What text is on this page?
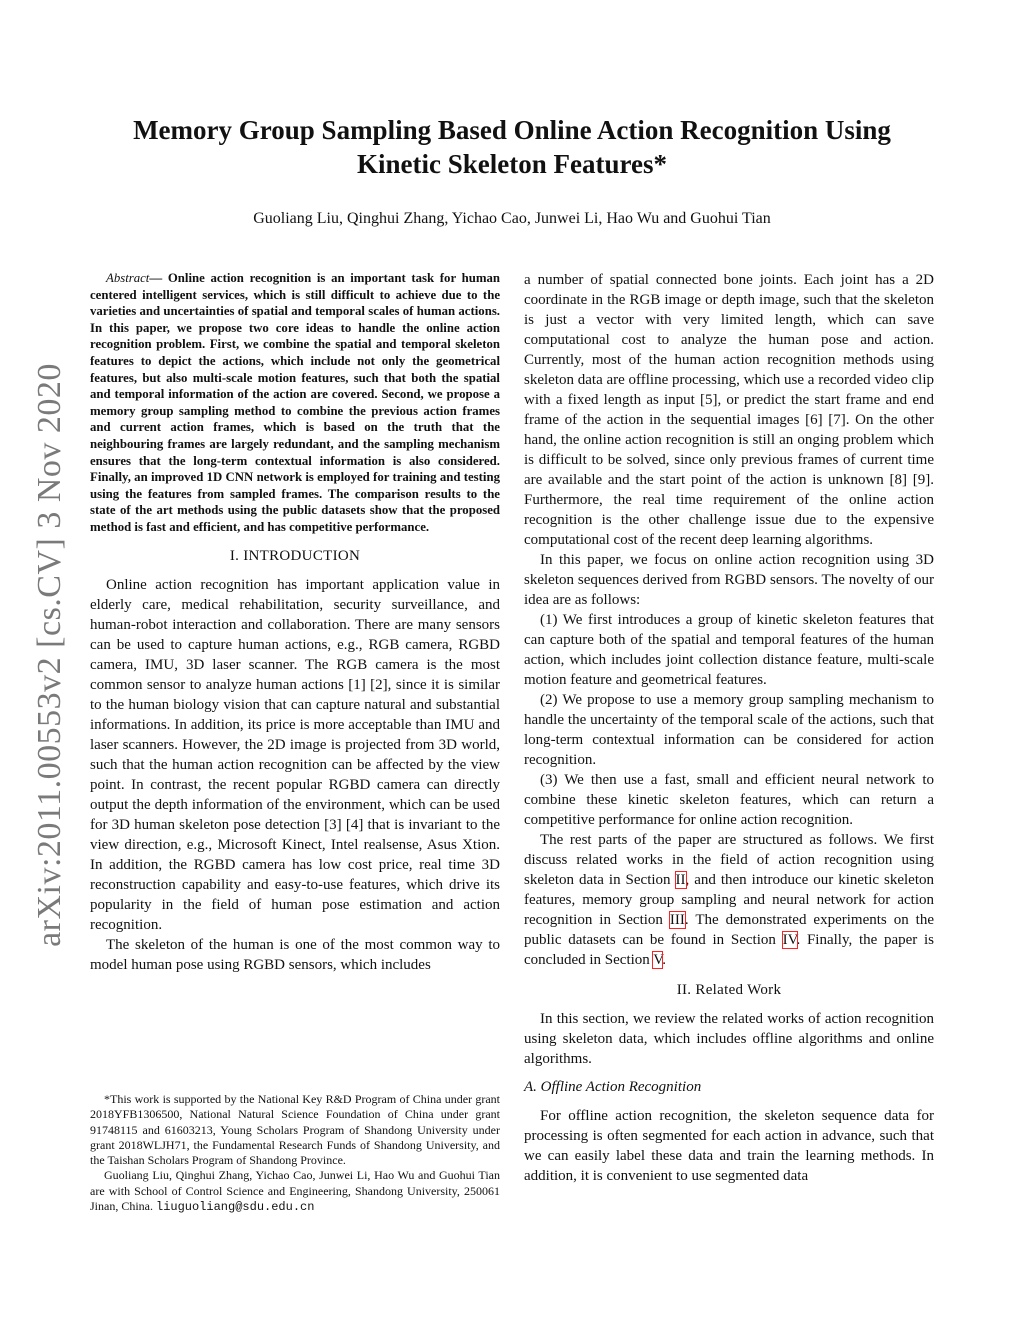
arXiv:2011.00553v2 [cs.CV] 3 Nov 2020
Memory Group Sampling Based Online Action Recognition Using
Kinetic Skeleton Features*
Guoliang Liu, Qinghui Zhang, Yichao Cao, Junwei Li, Hao Wu and Guohui Tian

Abstract— Online action recognition is an important task for human centered intelligent services, which is still difficult to achieve due to the varieties and uncertainties of spatial and temporal scales of human actions. In this paper, we propose two core ideas to handle the online action recognition problem. First, we combine the spatial and temporal skeleton features to depict the actions, which include not only the geometrical features, but also multi-scale motion features, such that both the spatial and temporal information of the action are covered. Second, we propose a memory group sampling method to combine the previous action frames and current action frames, which is based on the truth that the neighbouring frames are largely redundant, and the sampling mechanism ensures that the long-term contextual information is also considered. Finally, an improved 1D CNN network is employed for training and testing using the features from sampled frames. The comparison results to the state of the art methods using the public datasets show that the proposed method is fast and efficient, and has competitive performance.

I. INTRODUCTION

Online action recognition has important application value in elderly care, medical rehabilitation, security surveillance, and human-robot interaction and collaboration. There are many sensors can be used to capture human actions, e.g., RGB camera, RGBD camera, IMU, 3D laser scanner. The RGB camera is the most common sensor to analyze human actions [1] [2], since it is similar to the human biology vision that can capture natural and substantial informations. In addition, its price is more acceptable than IMU and laser scanners. However, the 2D image is projected from 3D world, such that the human action recognition can be affected by the view point. In contrast, the recent popular RGBD camera can directly output the depth information of the environment, which can be used for 3D human skeleton pose detection [3] [4] that is invariant to the view direction, e.g., Microsoft Kinect, Intel realsense, Asus Xtion. In addition, the RGBD camera has low cost price, real time 3D reconstruction capability and easy-to-use features, which drive its popularity in the field of human pose estimation and action recognition.

The skeleton of the human is one of the most common way to model human pose using RGBD sensors, which includes

*This work is supported by the National Key R&D Program of China under grant 2018YFB1306500, National Natural Science Foundation of China under grant 91748115 and 61603213, Young Scholars Program of Shandong University under grant 2018WLJH71, the Fundamental Research Funds of Shandong University, and the Taishan Scholars Program of Shandong Province.

Guoliang Liu, Qinghui Zhang, Yichao Cao, Junwei Li, Hao Wu and Guohui Tian are with School of Control Science and Engineering, Shandong University, 250061 Jinan, China. liuguoliang@sdu.edu.cn

a number of spatial connected bone joints. Each joint has a 2D coordinate in the RGB image or depth image, such that the skeleton is just a vector with very limited length, which can save computational cost to analyze the human pose and action. Currently, most of the human action recognition methods using skeleton data are offline processing, which use a recorded video clip with a fixed length as input [5], or predict the start frame and end frame of the action in the sequential images [6] [7]. On the other hand, the online action recognition is still an onging problem which is difficult to be solved, since only previous frames of current time are available and the start point of the action is unknown [8] [9]. Furthermore, the real time requirement of the online action recognition is the other challenge issue due to the expensive computational cost of the recent deep learning algorithms.

In this paper, we focus on online action recognition using 3D skeleton sequences derived from RGBD sensors. The novelty of our idea are as follows:

(1) We first introduces a group of kinetic skeleton features that can capture both of the spatial and temporal features of the human action, which includes joint collection distance feature, multi-scale motion feature and geometrical features.

(2) We propose to use a memory group sampling mechanism to handle the uncertainty of the temporal scale of the actions, such that long-term contextual information can be considered for action recognition.

(3) We then use a fast, small and efficient neural network to combine these kinetic skeleton features, which can return a competitive performance for online action recognition.

The rest parts of the paper are structured as follows. We first discuss related works in the field of action recognition using skeleton data in Section II, and then introduce our kinetic skeleton features, memory group sampling and neural network for action recognition in Section III. The demonstrated experiments on the public datasets can be found in Section IV. Finally, the paper is concluded in Section V.

II. Related Work

In this section, we review the related works of action recognition using skeleton data, which includes offline algorithms and online algorithms.

A. Offline Action Recognition

For offline action recognition, the skeleton sequence data for processing is often segmented for each action in advance, such that we can easily label these data and train the learning methods. In addition, it is convenient to use segmented data
